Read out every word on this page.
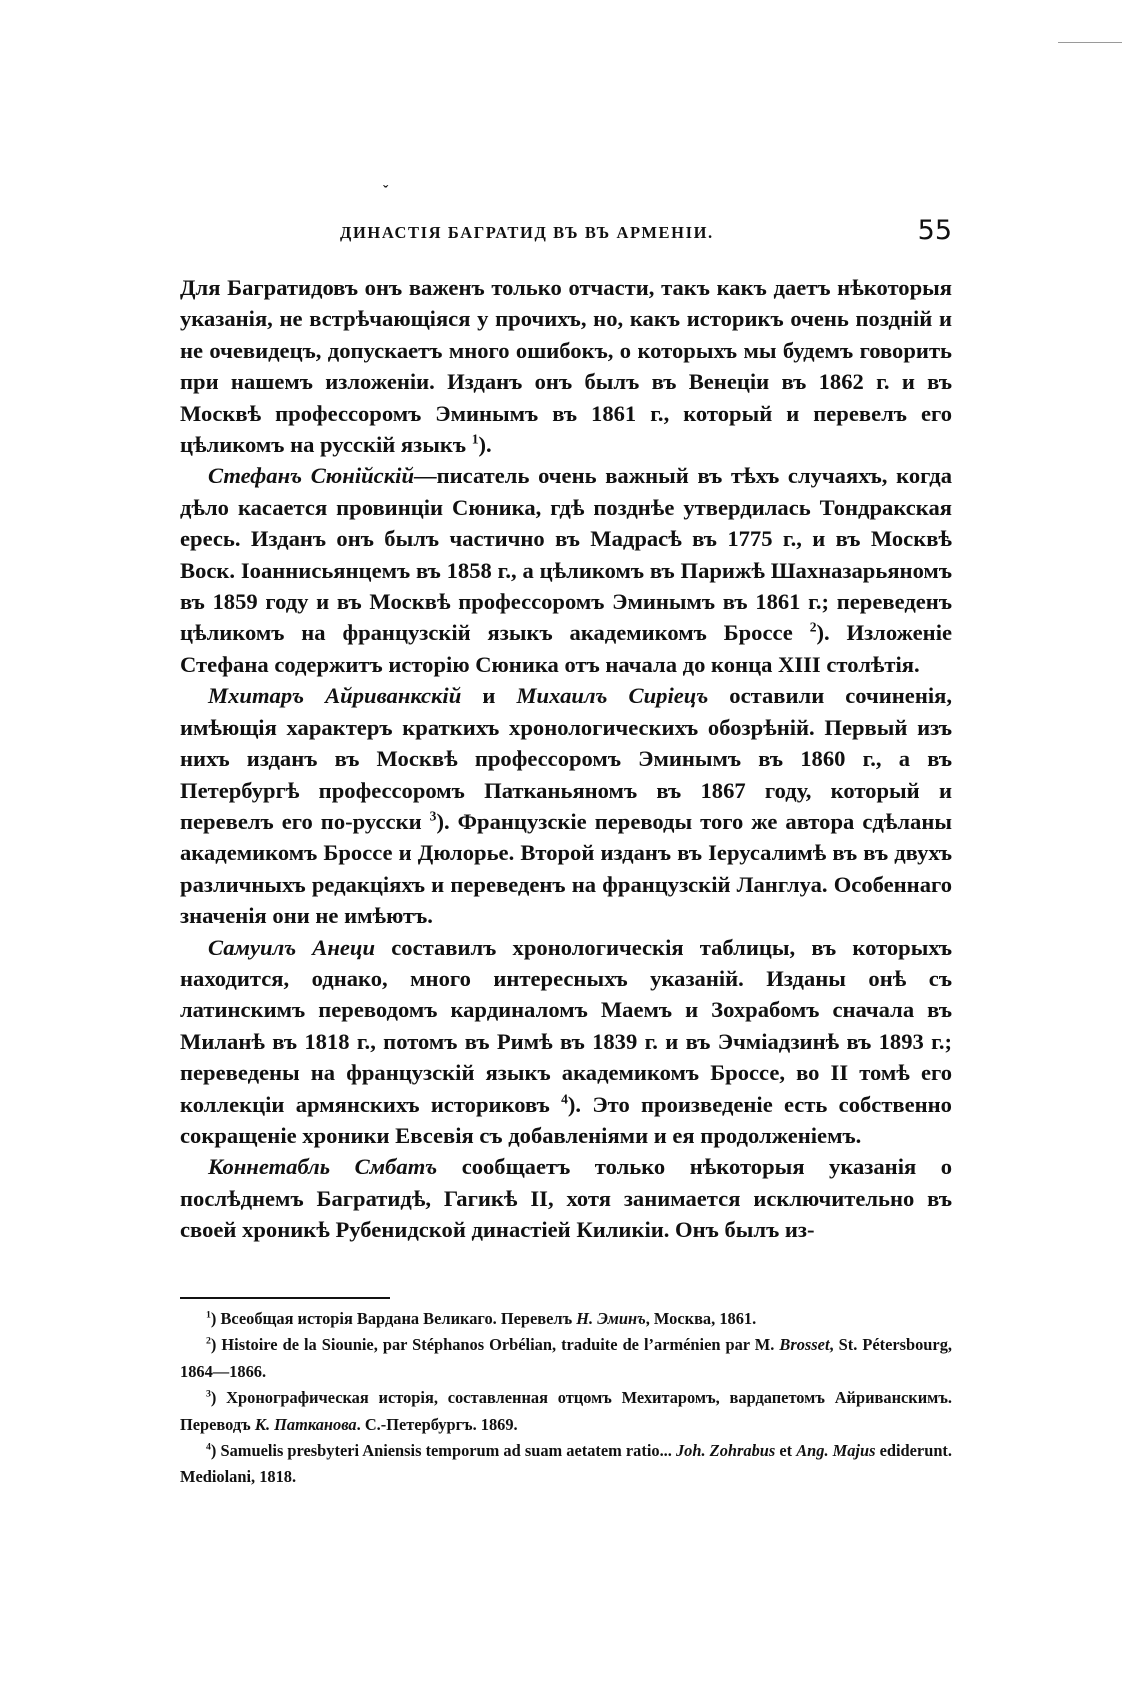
ˇ
ДИНАСТІЯ БАГРАТИД ВЪ ВЪ АРМЕНІИ.	55

Для Багратидовъ онъ важенъ только отчасти, такъ какъ даетъ нѣкоторыя указанія, не встрѣчающіяся у прочихъ, но, какъ историкъ очень поздній и не очевидецъ, допускаетъ много ошибокъ, о которыхъ мы будемъ говорить при нашемъ изложеніи. Изданъ онъ былъ въ Венеціи въ 1862 г. и въ Москвѣ профессоромъ Эминымъ въ 1861 г., который и перевелъ его цѣликомъ на русскій языкъ $^1$).

Стефанъ Сюнійскій—писатель очень важный въ тѣхъ случаяхъ, когда дѣло касается провинціи Сюника, гдѣ позднѣе утвердилась Тондракская ересь. Изданъ онъ былъ частично въ Мадрасѣ въ 1775 г., и въ Москвѣ Воск. Іоаннисьянцемъ въ 1858 г., а цѣликомъ въ Парижѣ Шахназарьяномъ въ 1859 году и въ Москвѣ профессоромъ Эминымъ въ 1861 г.; переведенъ цѣликомъ на французскій языкъ академикомъ Броссе $^2$). Изложеніе Стефана содержитъ исторію Сюника отъ начала до конца XIII столѣтія.

Мхитаръ Айриванкскій и Михаилъ Сиріецъ оставили сочиненія, имѣющія характеръ краткихъ хронологическихъ обозрѣній. Первый изъ нихъ изданъ въ Москвѣ профессоромъ Эминымъ въ 1860 г., а въ Петербургѣ профессоромъ Патканьяномъ въ 1867 году, который и перевелъ его по-русски $^3$). Французскіе переводы того же автора сдѣланы академикомъ Броссе и Дюлорье. Второй изданъ въ Іерусалимѣ въ въ двухъ различныхъ редакціяхъ и переведенъ на французскій Ланглуа. Особеннаго значенія они не имѣютъ.

Самуилъ Анеци составилъ хронологическія таблицы, въ которыхъ находится, однако, много интересныхъ указаній. Изданы онѣ съ латинскимъ переводомъ кардиналомъ Маемъ и Зохрабомъ сначала въ Миланѣ въ 1818 г., потомъ въ Римѣ въ 1839 г. и въ Эчміадзинѣ въ 1893 г.; переведены на французскій языкъ академикомъ Броссе, во II томѣ его коллекціи армянскихъ историковъ $^4$). Это произведеніе есть собственно сокращеніе хроники Евсевія съ добавленіями и ея продолженіемъ.

Коннетабль Смбатъ сообщаетъ только нѣкоторыя указанія о послѣднемъ Багратидѣ, Гагикѣ II, хотя занимается исключительно въ своей хроникѣ Рубенидской династіей Киликіи. Онъ былъ из-

$^1$) Всеобщая исторія Вардана Великаго. Перевелъ Н. Эминъ, Москва, 1861.

$^2$) Histoire de la Siounie, par Stéphanos Orbélian, traduite de l’arménien par M. Brosset, St. Pétersbourg, 1864—1866.

$^3$) Хронографическая исторія, составленная отцомъ Мехитаромъ, вардапетомъ Айриванскимъ. Переводъ К. Патканова. С.-Петербургъ. 1869.

$^4$) Samuelis presbyteri Aniensis temporum ad suam aetatem ratio... Joh. Zohrabus et Ang. Majus ediderunt. Mediolani, 1818.
